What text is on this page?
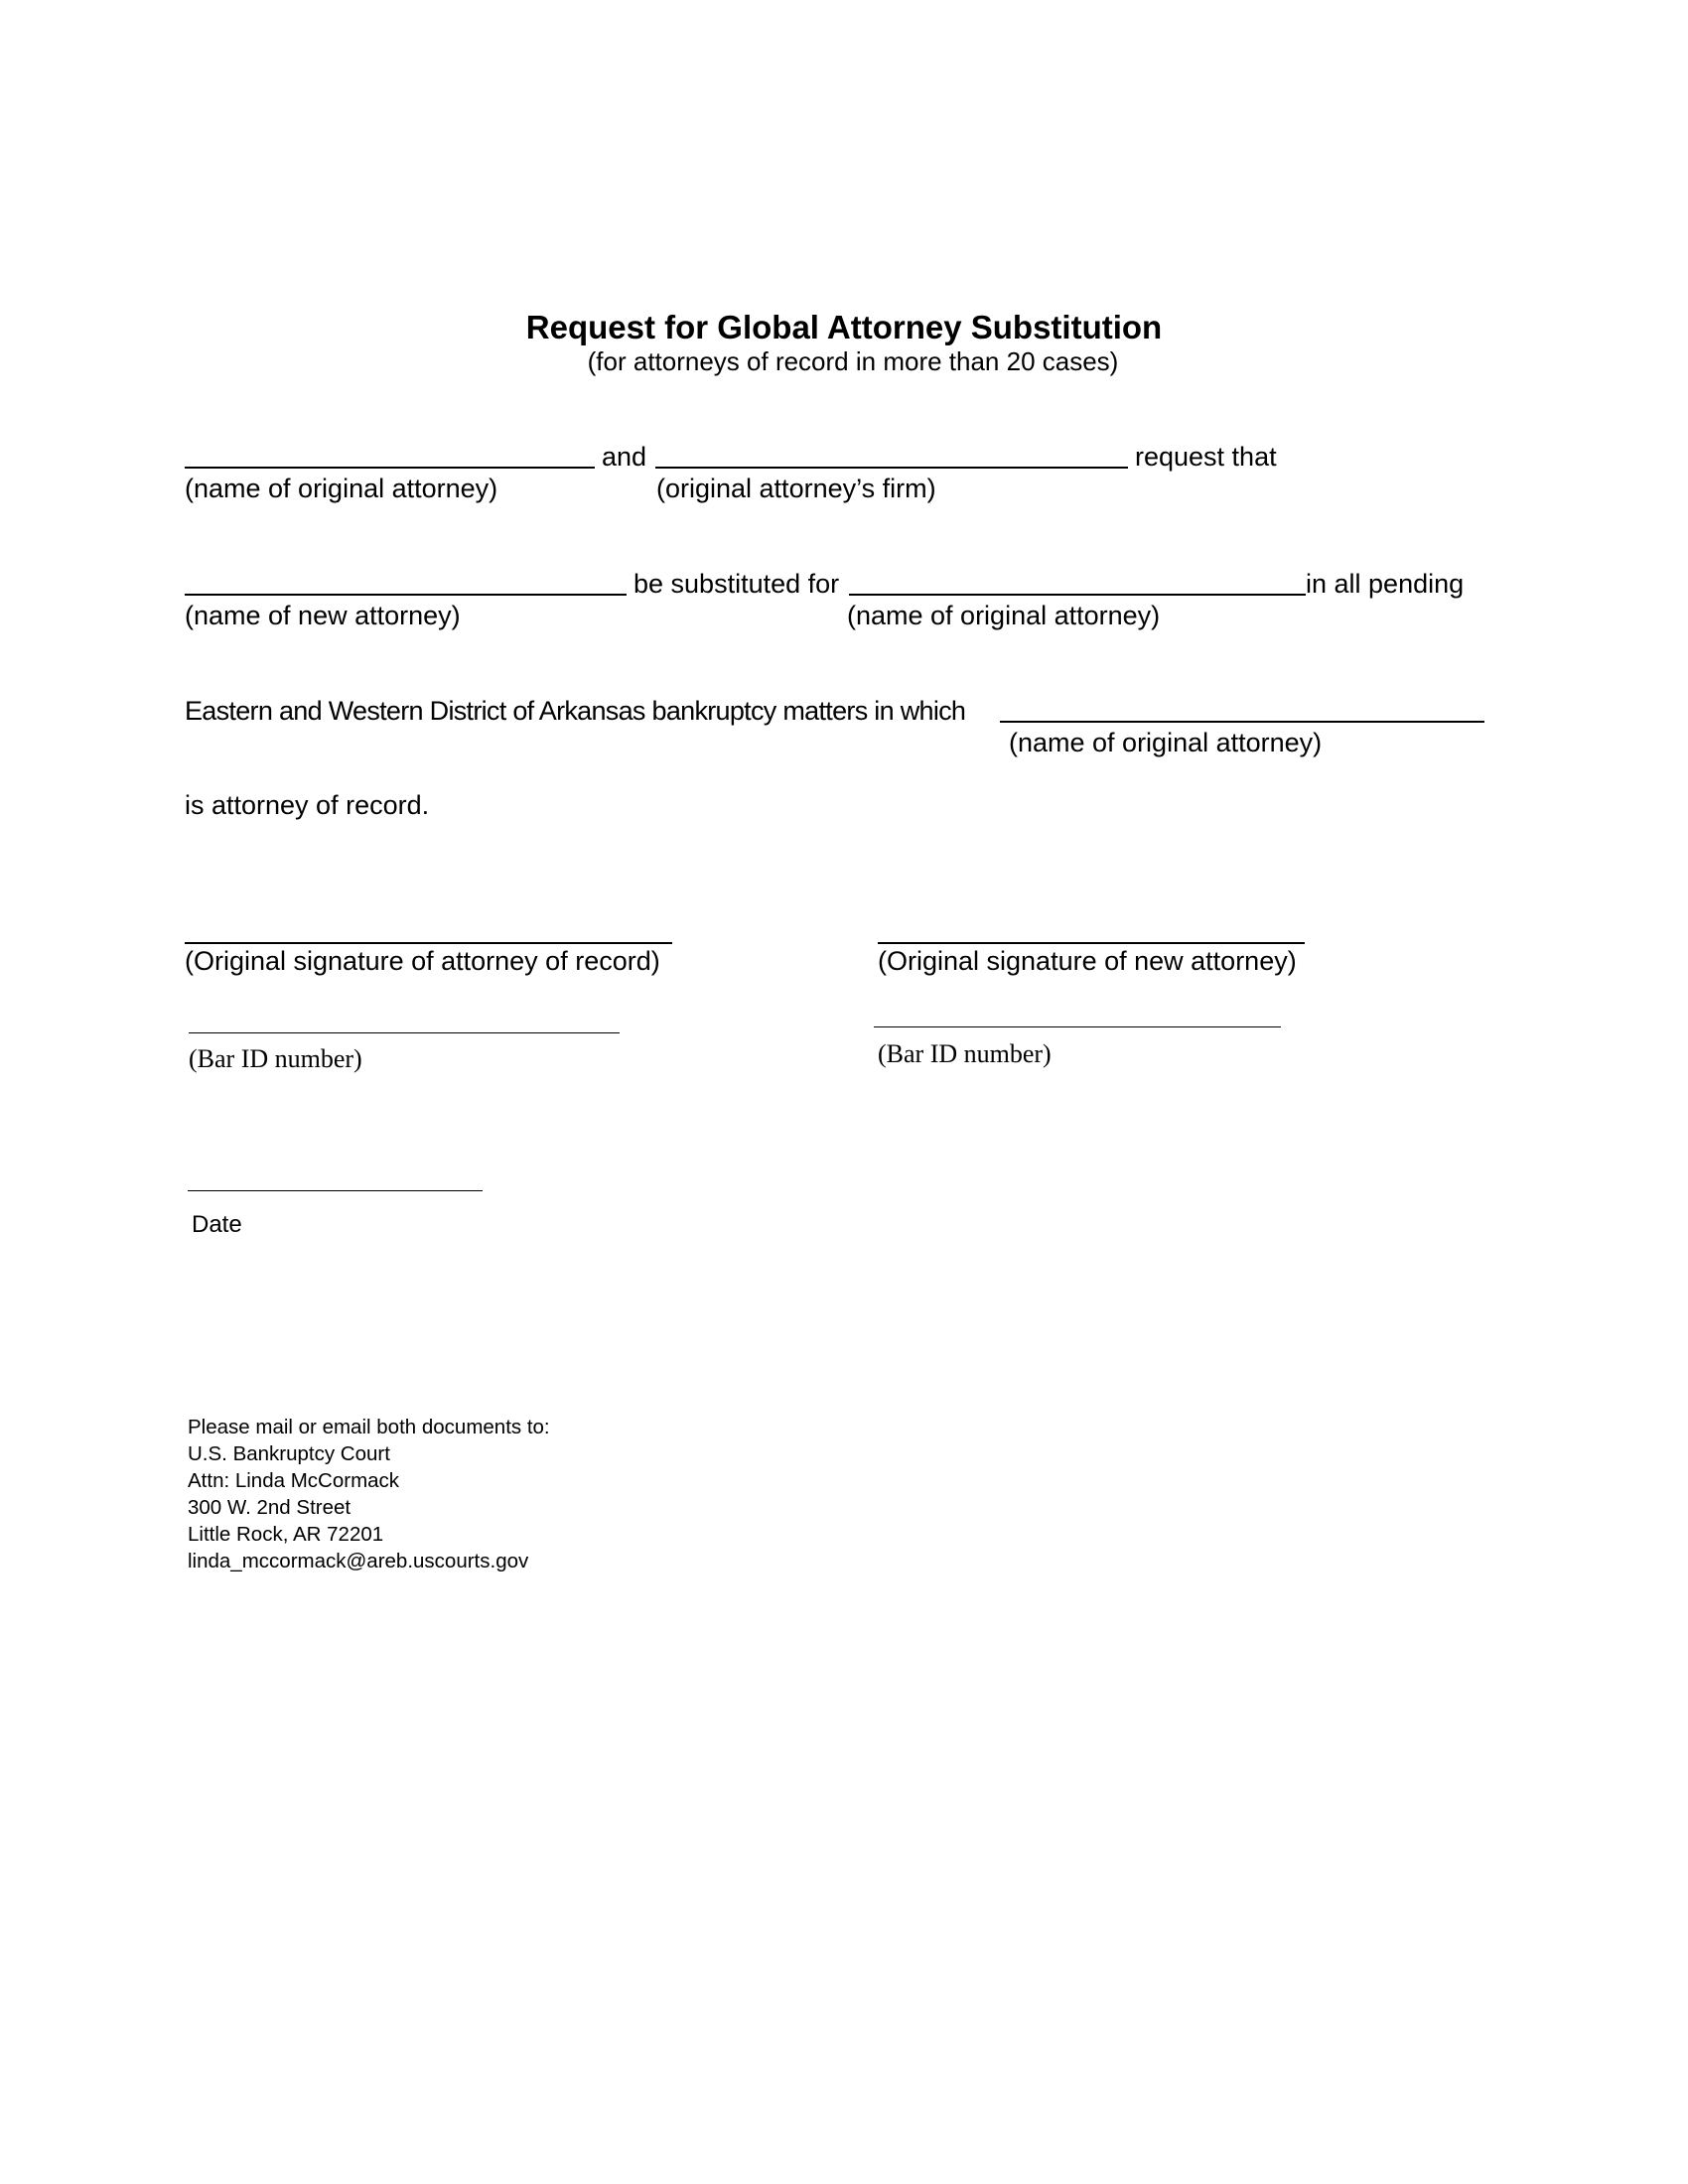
Request for Global Attorney Substitution
(for attorneys of record in more than 20 cases)
and	request that
(name of original attorney)	(original attorney’s firm)
be substituted for	in all pending
(name of new attorney)	(name of original attorney)
Eastern and Western District of Arkansas bankruptcy matters in which
(name of original attorney)
is attorney of record.
(Original signature of attorney of record)	(Original signature of new attorney)
(Bar ID number)	(Bar ID number)
Date
Please mail or email both documents to:
U.S. Bankruptcy Court
Attn: Linda McCormack
300 W. 2nd Street
Little Rock, AR 72201
linda_mccormack@areb.uscourts.gov
